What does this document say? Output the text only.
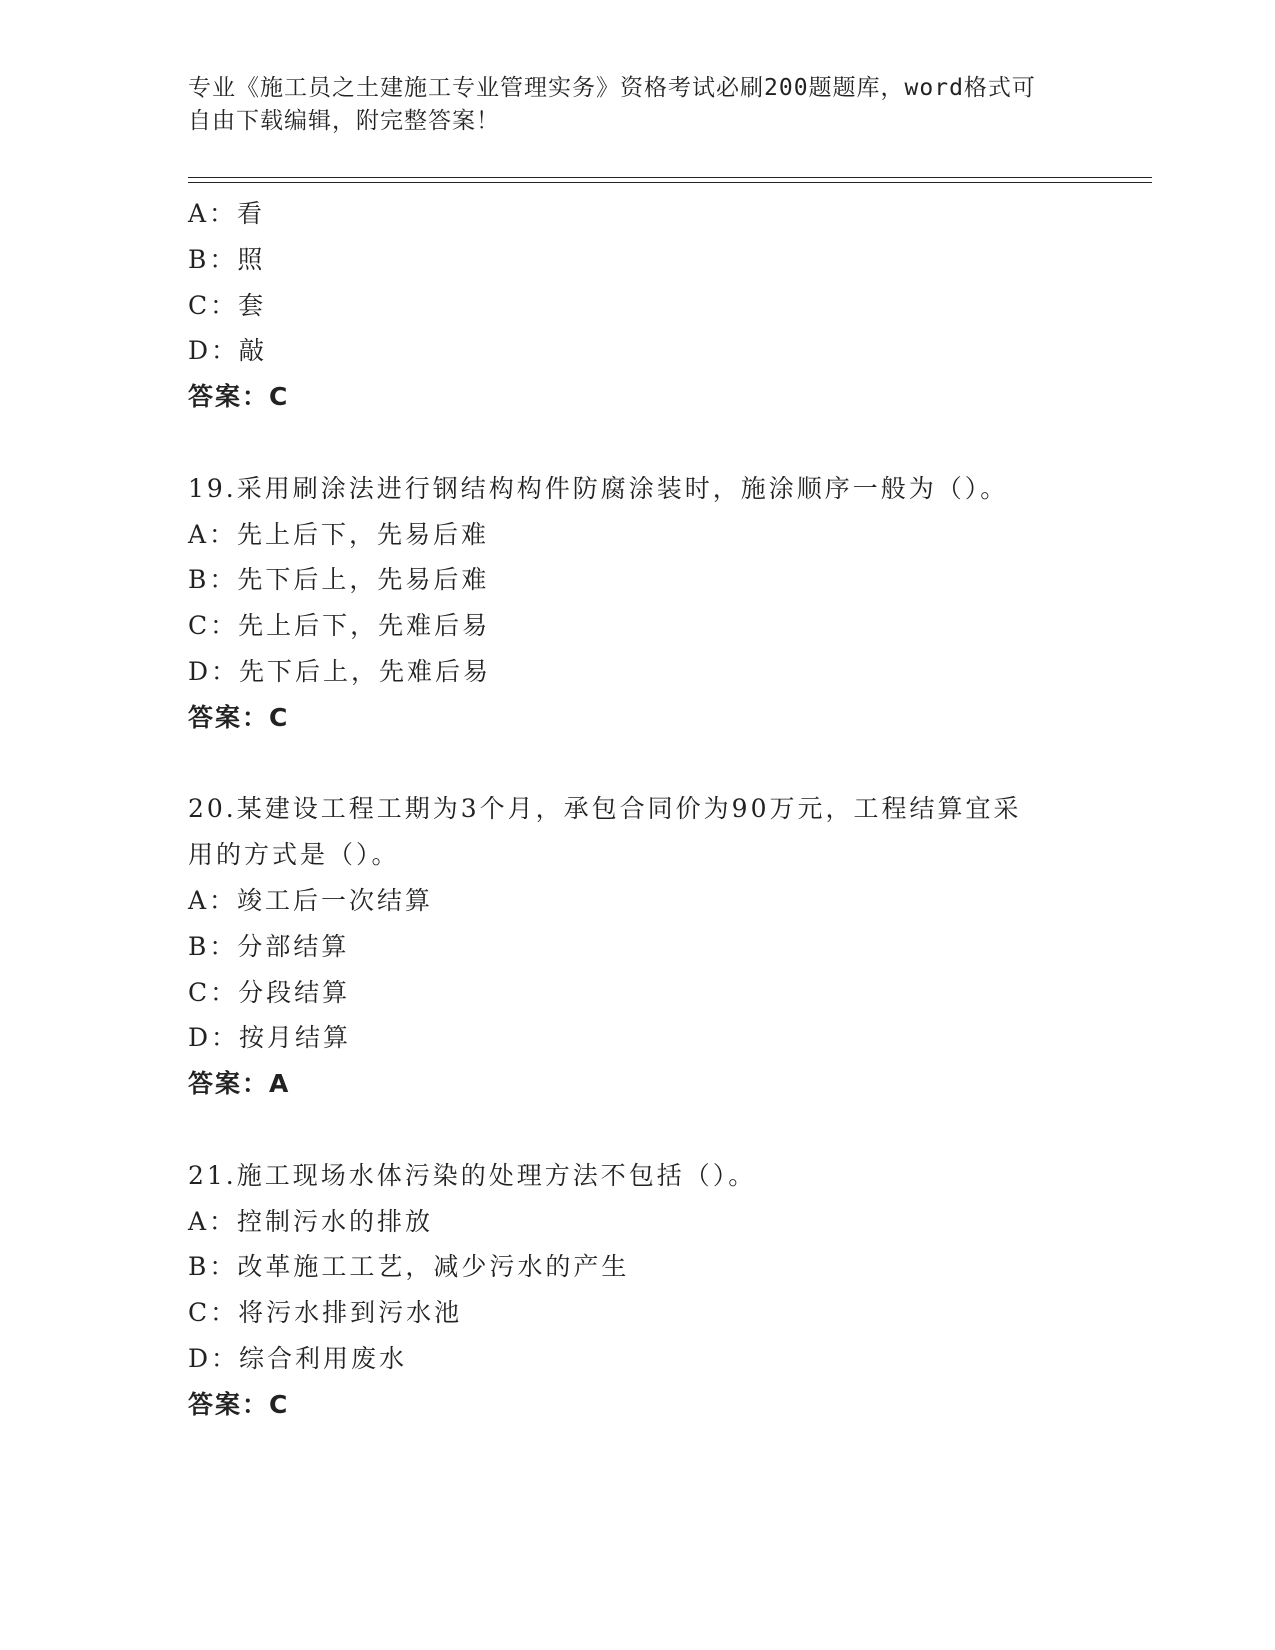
专业《施工员之土建施工专业管理实务》资格考试必刷200题题库，word格式可
自由下载编辑，附完整答案！
A：看
B：照
C：套
D：敲
答案：C
19.采用刷涂法进行钢结构构件防腐涂装时，施涂顺序一般为（）。
A：先上后下，先易后难
B：先下后上，先易后难
C：先上后下，先难后易
D：先下后上，先难后易
答案：C
20.某建设工程工期为3个月，承包合同价为90万元，工程结算宜采
用的方式是（）。
A：竣工后一次结算
B：分部结算
C：分段结算
D：按月结算
答案：A
21.施工现场水体污染的处理方法不包括（）。
A：控制污水的排放
B：改革施工工艺，减少污水的产生
C：将污水排到污水池
D：综合利用废水
答案：C
